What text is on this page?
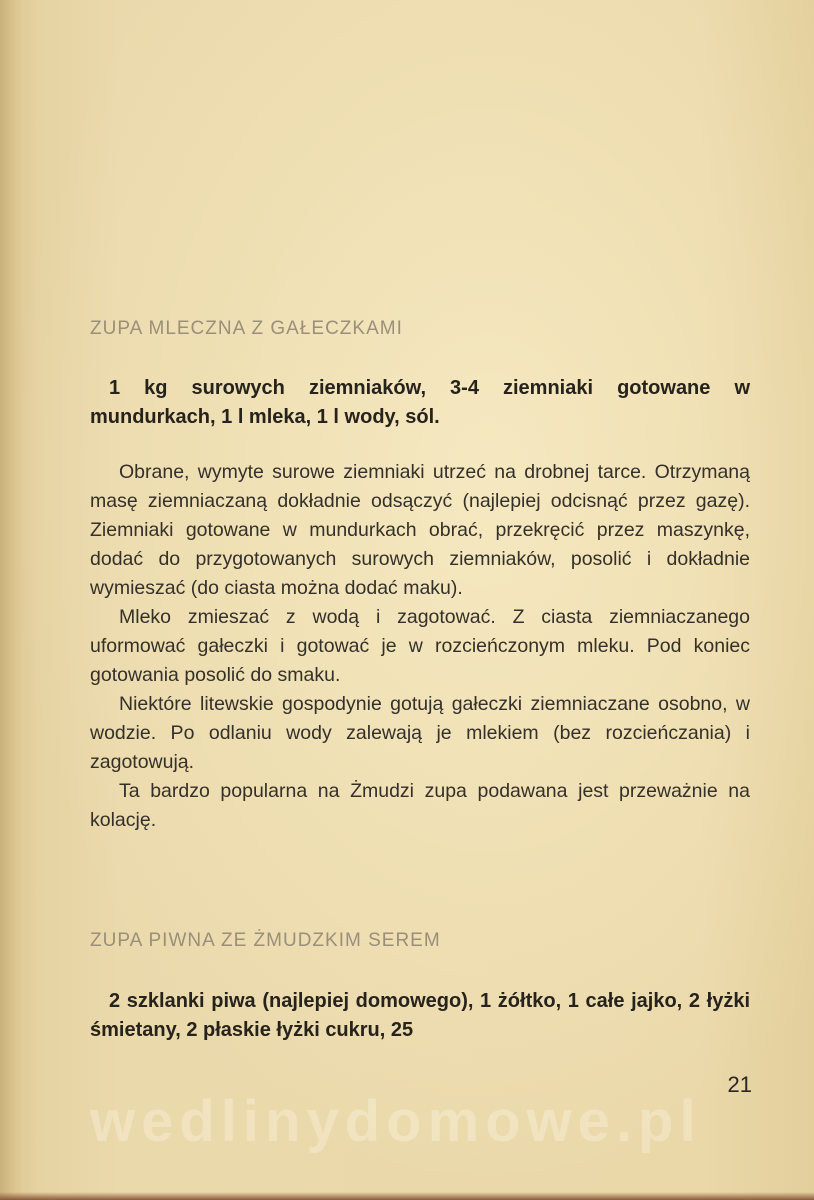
ZUPA MLECZNA Z GAŁECZKAMI
1 kg surowych ziemniaków, 3-4 ziemniaki gotowane w mundurkach, 1 l mleka, 1 l wody, sól.

Obrane, wymyte surowe ziemniaki utrzeć na drobnej tarce. Otrzymaną masę ziemniaczaną dokładnie odsączyć (najlepiej odcisnąć przez gazę). Ziemniaki gotowane w mundurkach obrać, przekręcić przez maszynkę, dodać do przygotowanych surowych ziemniaków, posolić i dokładnie wymieszać (do ciasta można dodać maku).

Mleko zmieszać z wodą i zagotować. Z ciasta ziemniaczanego uformować gałeczki i gotować je w rozcieńczonym mleku. Pod koniec gotowania posolić do smaku.

Niektóre litewskie gospodynie gotują gałeczki ziemniaczane osobno, w wodzie. Po odlaniu wody zalewają je mlekiem (bez rozcieńczania) i zagotowują.

Ta bardzo popularna na Żmudzi zupa podawana jest przeważnie na kolację.

ZUPA PIWNA ZE ŻMUDZKIM SEREM
2 szklanki piwa (najlepiej domowego), 1 żółtko, 1 całe jajko, 2 łyżki śmietany, 2 płaskie łyżki cukru, 25
21
wedlinydomowe.pl
